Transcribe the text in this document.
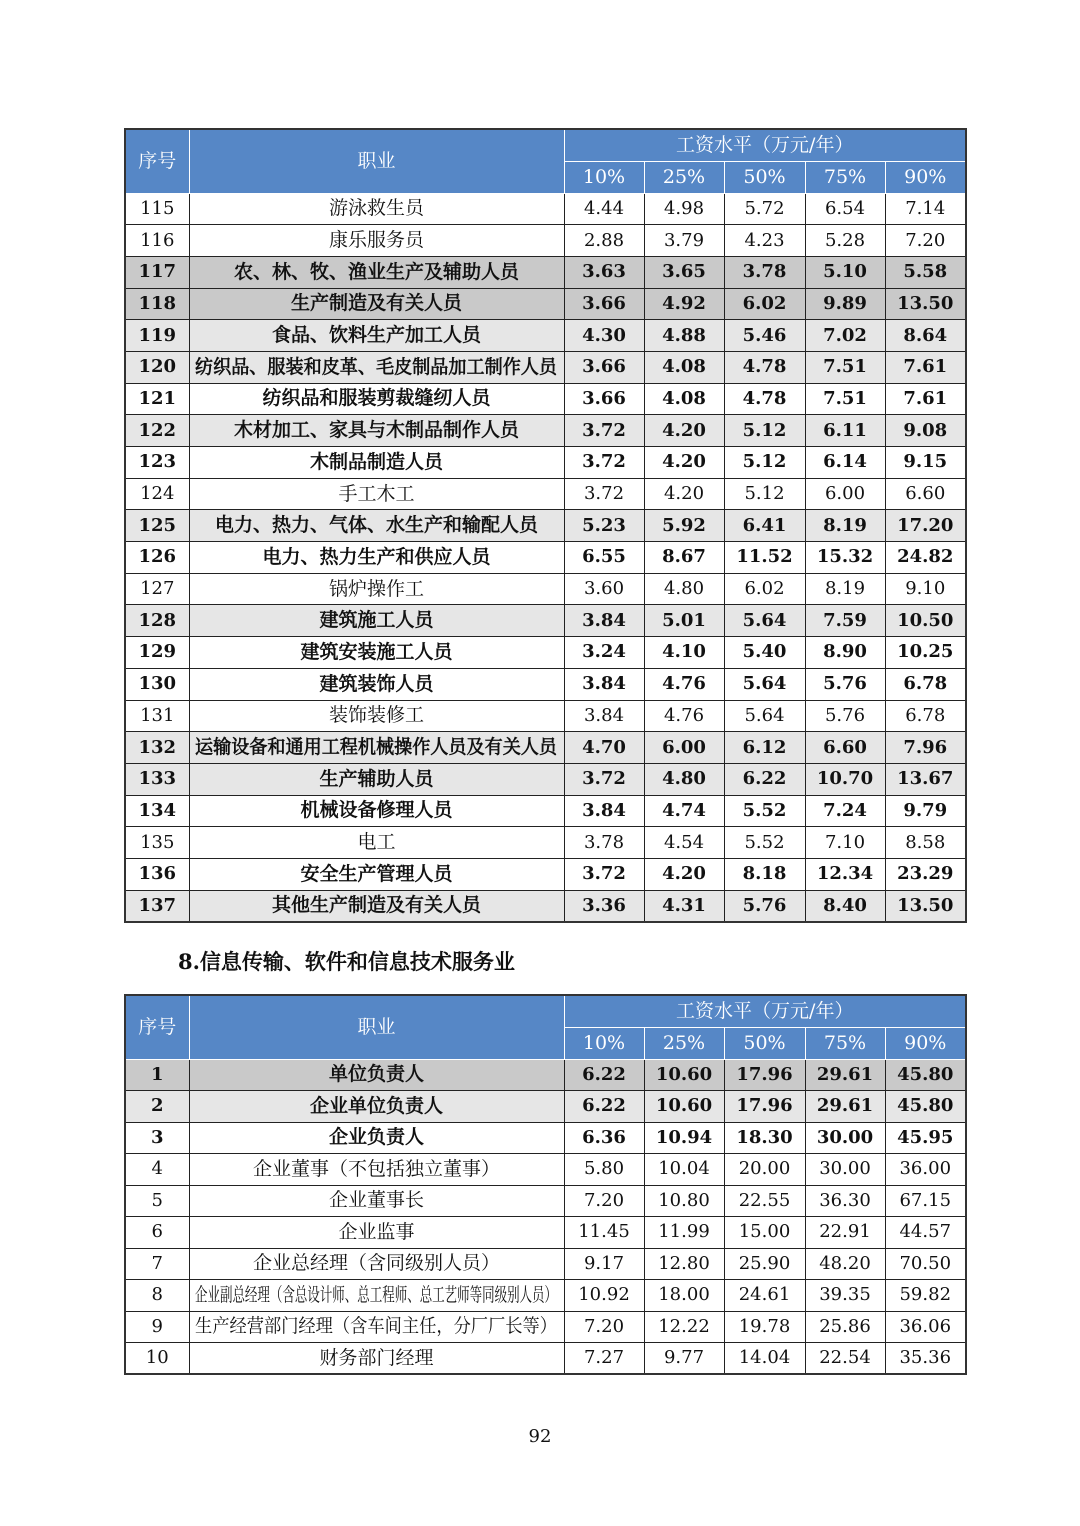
序号	职业	工资水平（万元/年）				
		10%	25%	50%	75%	90%
115	游泳救生员	4.44	4.98	5.72	6.54	7.14
116	康乐服务员	2.88	3.79	4.23	5.28	7.20
117	农、林、牧、渔业生产及辅助人员	3.63	3.65	3.78	5.10	5.58
118	生产制造及有关人员	3.66	4.92	6.02	9.89	13.50
119	食品、饮料生产加工人员	4.30	4.88	5.46	7.02	8.64
120	纺织品、服装和皮革、毛皮制品加工制作人员	3.66	4.08	4.78	7.51	7.61
121	纺织品和服装剪裁缝纫人员	3.66	4.08	4.78	7.51	7.61
122	木材加工、家具与木制品制作人员	3.72	4.20	5.12	6.11	9.08
123	木制品制造人员	3.72	4.20	5.12	6.14	9.15
124	手工木工	3.72	4.20	5.12	6.00	6.60
125	电力、热力、气体、水生产和输配人员	5.23	5.92	6.41	8.19	17.20
126	电力、热力生产和供应人员	6.55	8.67	11.52	15.32	24.82
127	锅炉操作工	3.60	4.80	6.02	8.19	9.10
128	建筑施工人员	3.84	5.01	5.64	7.59	10.50
129	建筑安装施工人员	3.24	4.10	5.40	8.90	10.25
130	建筑装饰人员	3.84	4.76	5.64	5.76	6.78
131	装饰装修工	3.84	4.76	5.64	5.76	6.78
132	运输设备和通用工程机械操作人员及有关人员	4.70	6.00	6.12	6.60	7.96
133	生产辅助人员	3.72	4.80	6.22	10.70	13.67
134	机械设备修理人员	3.84	4.74	5.52	7.24	9.79
135	电工	3.78	4.54	5.52	7.10	8.58
136	安全生产管理人员	3.72	4.20	8.18	12.34	23.29
137	其他生产制造及有关人员	3.36	4.31	5.76	8.40	13.50
8.信息传输、软件和信息技术服务业
序号	职业	工资水平（万元/年）				
		10%	25%	50%	75%	90%
1	单位负责人	6.22	10.60	17.96	29.61	45.80
2	企业单位负责人	6.22	10.60	17.96	29.61	45.80
3	企业负责人	6.36	10.94	18.30	30.00	45.95
4	企业董事（不包括独立董事）	5.80	10.04	20.00	30.00	36.00
5	企业董事长	7.20	10.80	22.55	36.30	67.15
6	企业监事	11.45	11.99	15.00	22.91	44.57
7	企业总经理（含同级别人员）	9.17	12.80	25.90	48.20	70.50
8	企业副总经理（含总设计师、总工程师、总工艺师等同级别人员）	10.92	18.00	24.61	39.35	59.82
9	生产经营部门经理（含车间主任，分厂厂长等）	7.20	12.22	19.78	25.86	36.06
10	财务部门经理	7.27	9.77	14.04	22.54	35.36
92
